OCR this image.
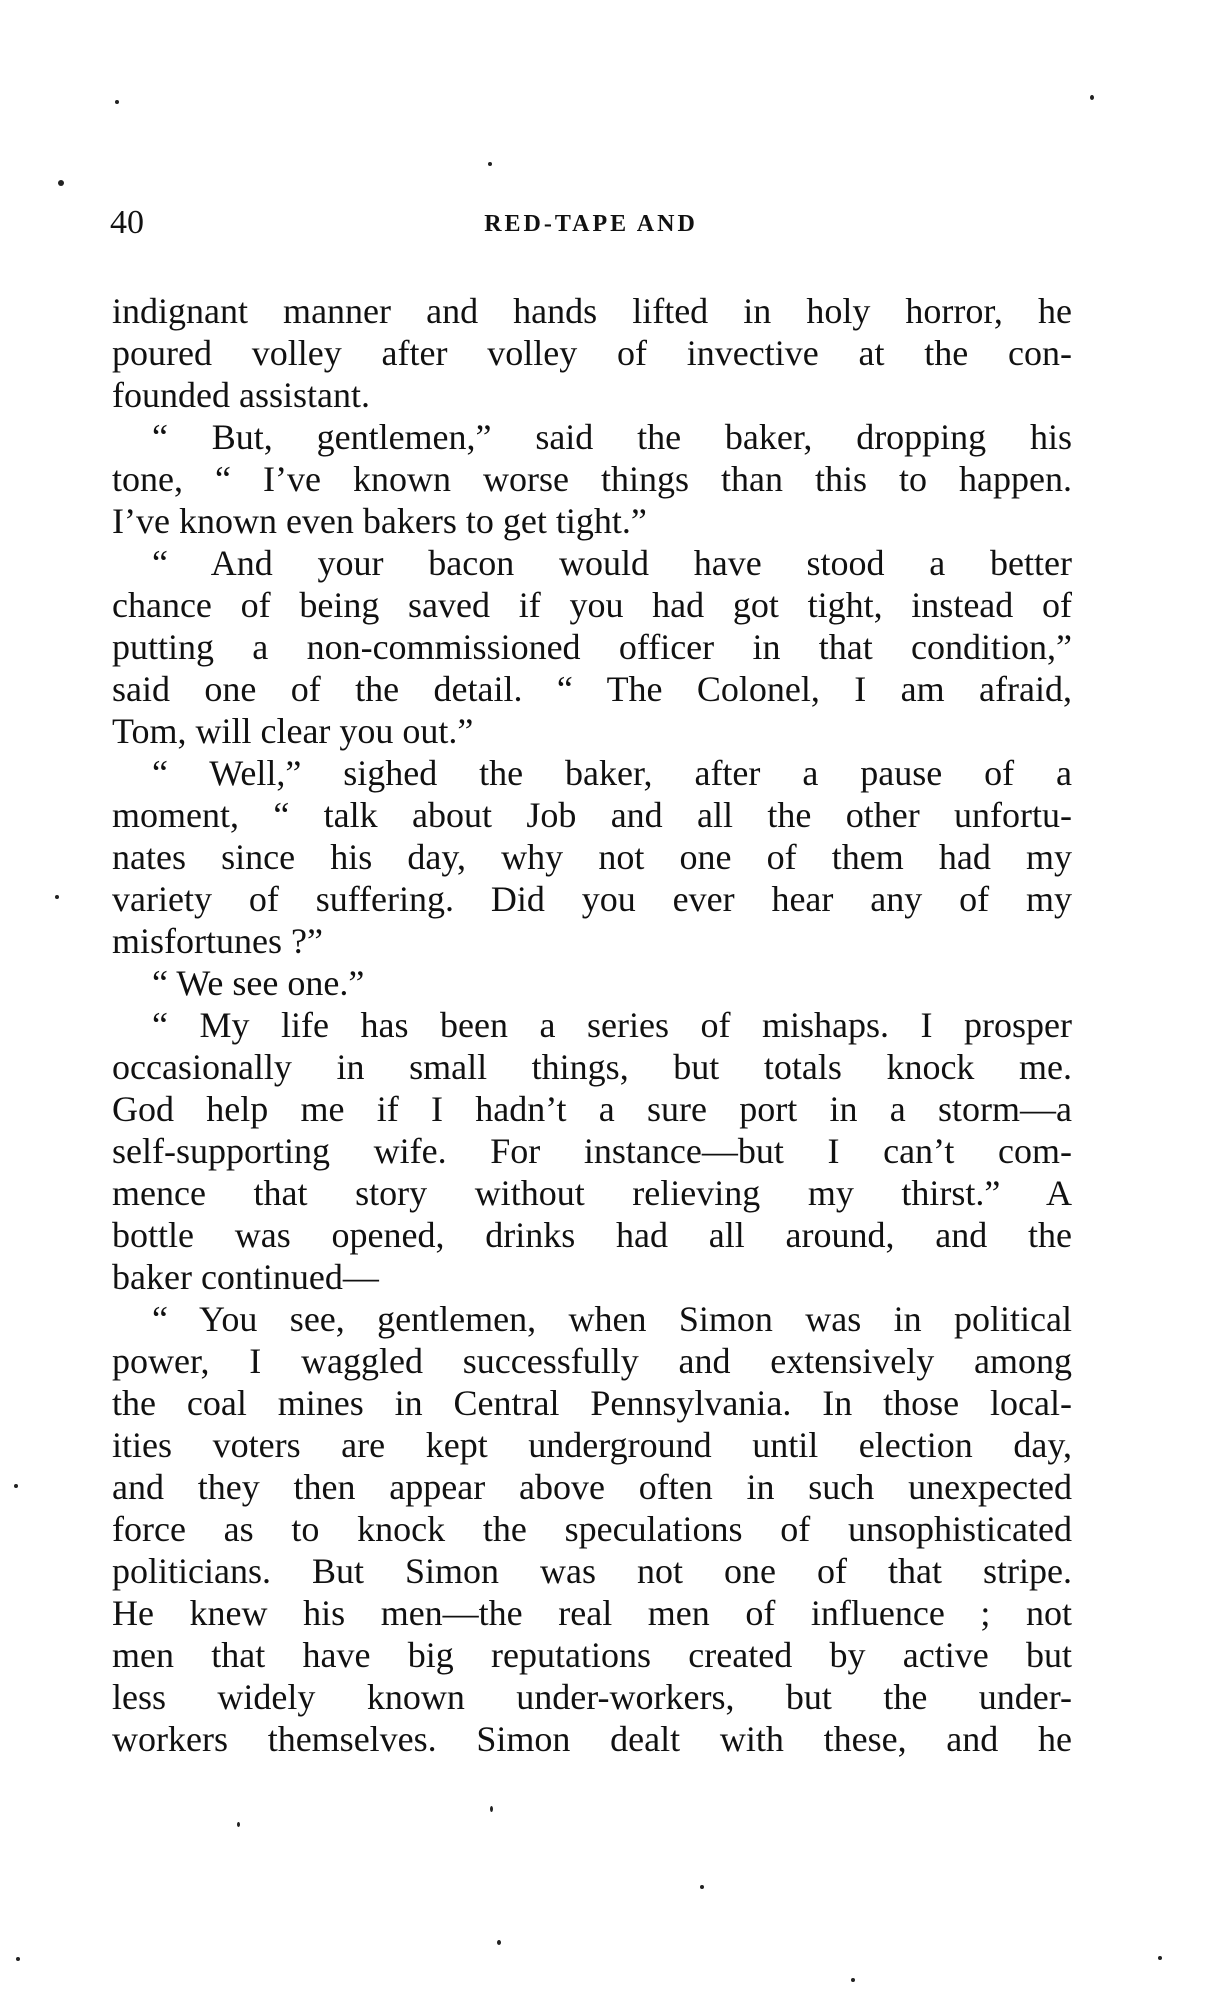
40	RED-TAPE AND
indignant manner and hands lifted in holy horror, he
poured volley after volley of invective at the con-
founded assistant.
“ But, gentlemen,” said the baker, dropping his
tone, “ I’ve known worse things than this to happen.
I’ve known even bakers to get tight.”
“ And your bacon would have stood a better
chance of being saved if you had got tight, instead of
putting a non-commissioned officer in that condition,”
said one of the detail. “ The Colonel, I am afraid,
Tom, will clear you out.”
“ Well,” sighed the baker, after a pause of a
moment, “ talk about Job and all the other unfortu-
nates since his day, why not one of them had my
variety of suffering. Did you ever hear any of my
misfortunes ?”
“ We see one.”
“ My life has been a series of mishaps. I prosper
occasionally in small things, but totals knock me.
God help me if I hadn’t a sure port in a storm—a
self-supporting wife. For instance—but I can’t com-
mence that story without relieving my thirst.” A
bottle was opened, drinks had all around, and the
baker continued—
“ You see, gentlemen, when Simon was in political
power, I waggled successfully and extensively among
the coal mines in Central Pennsylvania. In those local-
ities voters are kept underground until election day,
and they then appear above often in such unexpected
force as to knock the speculations of unsophisticated
politicians. But Simon was not one of that stripe.
He knew his men—the real men of influence ; not
men that have big reputations created by active but
less widely known under-workers, but the under-
workers themselves. Simon dealt with these, and he
